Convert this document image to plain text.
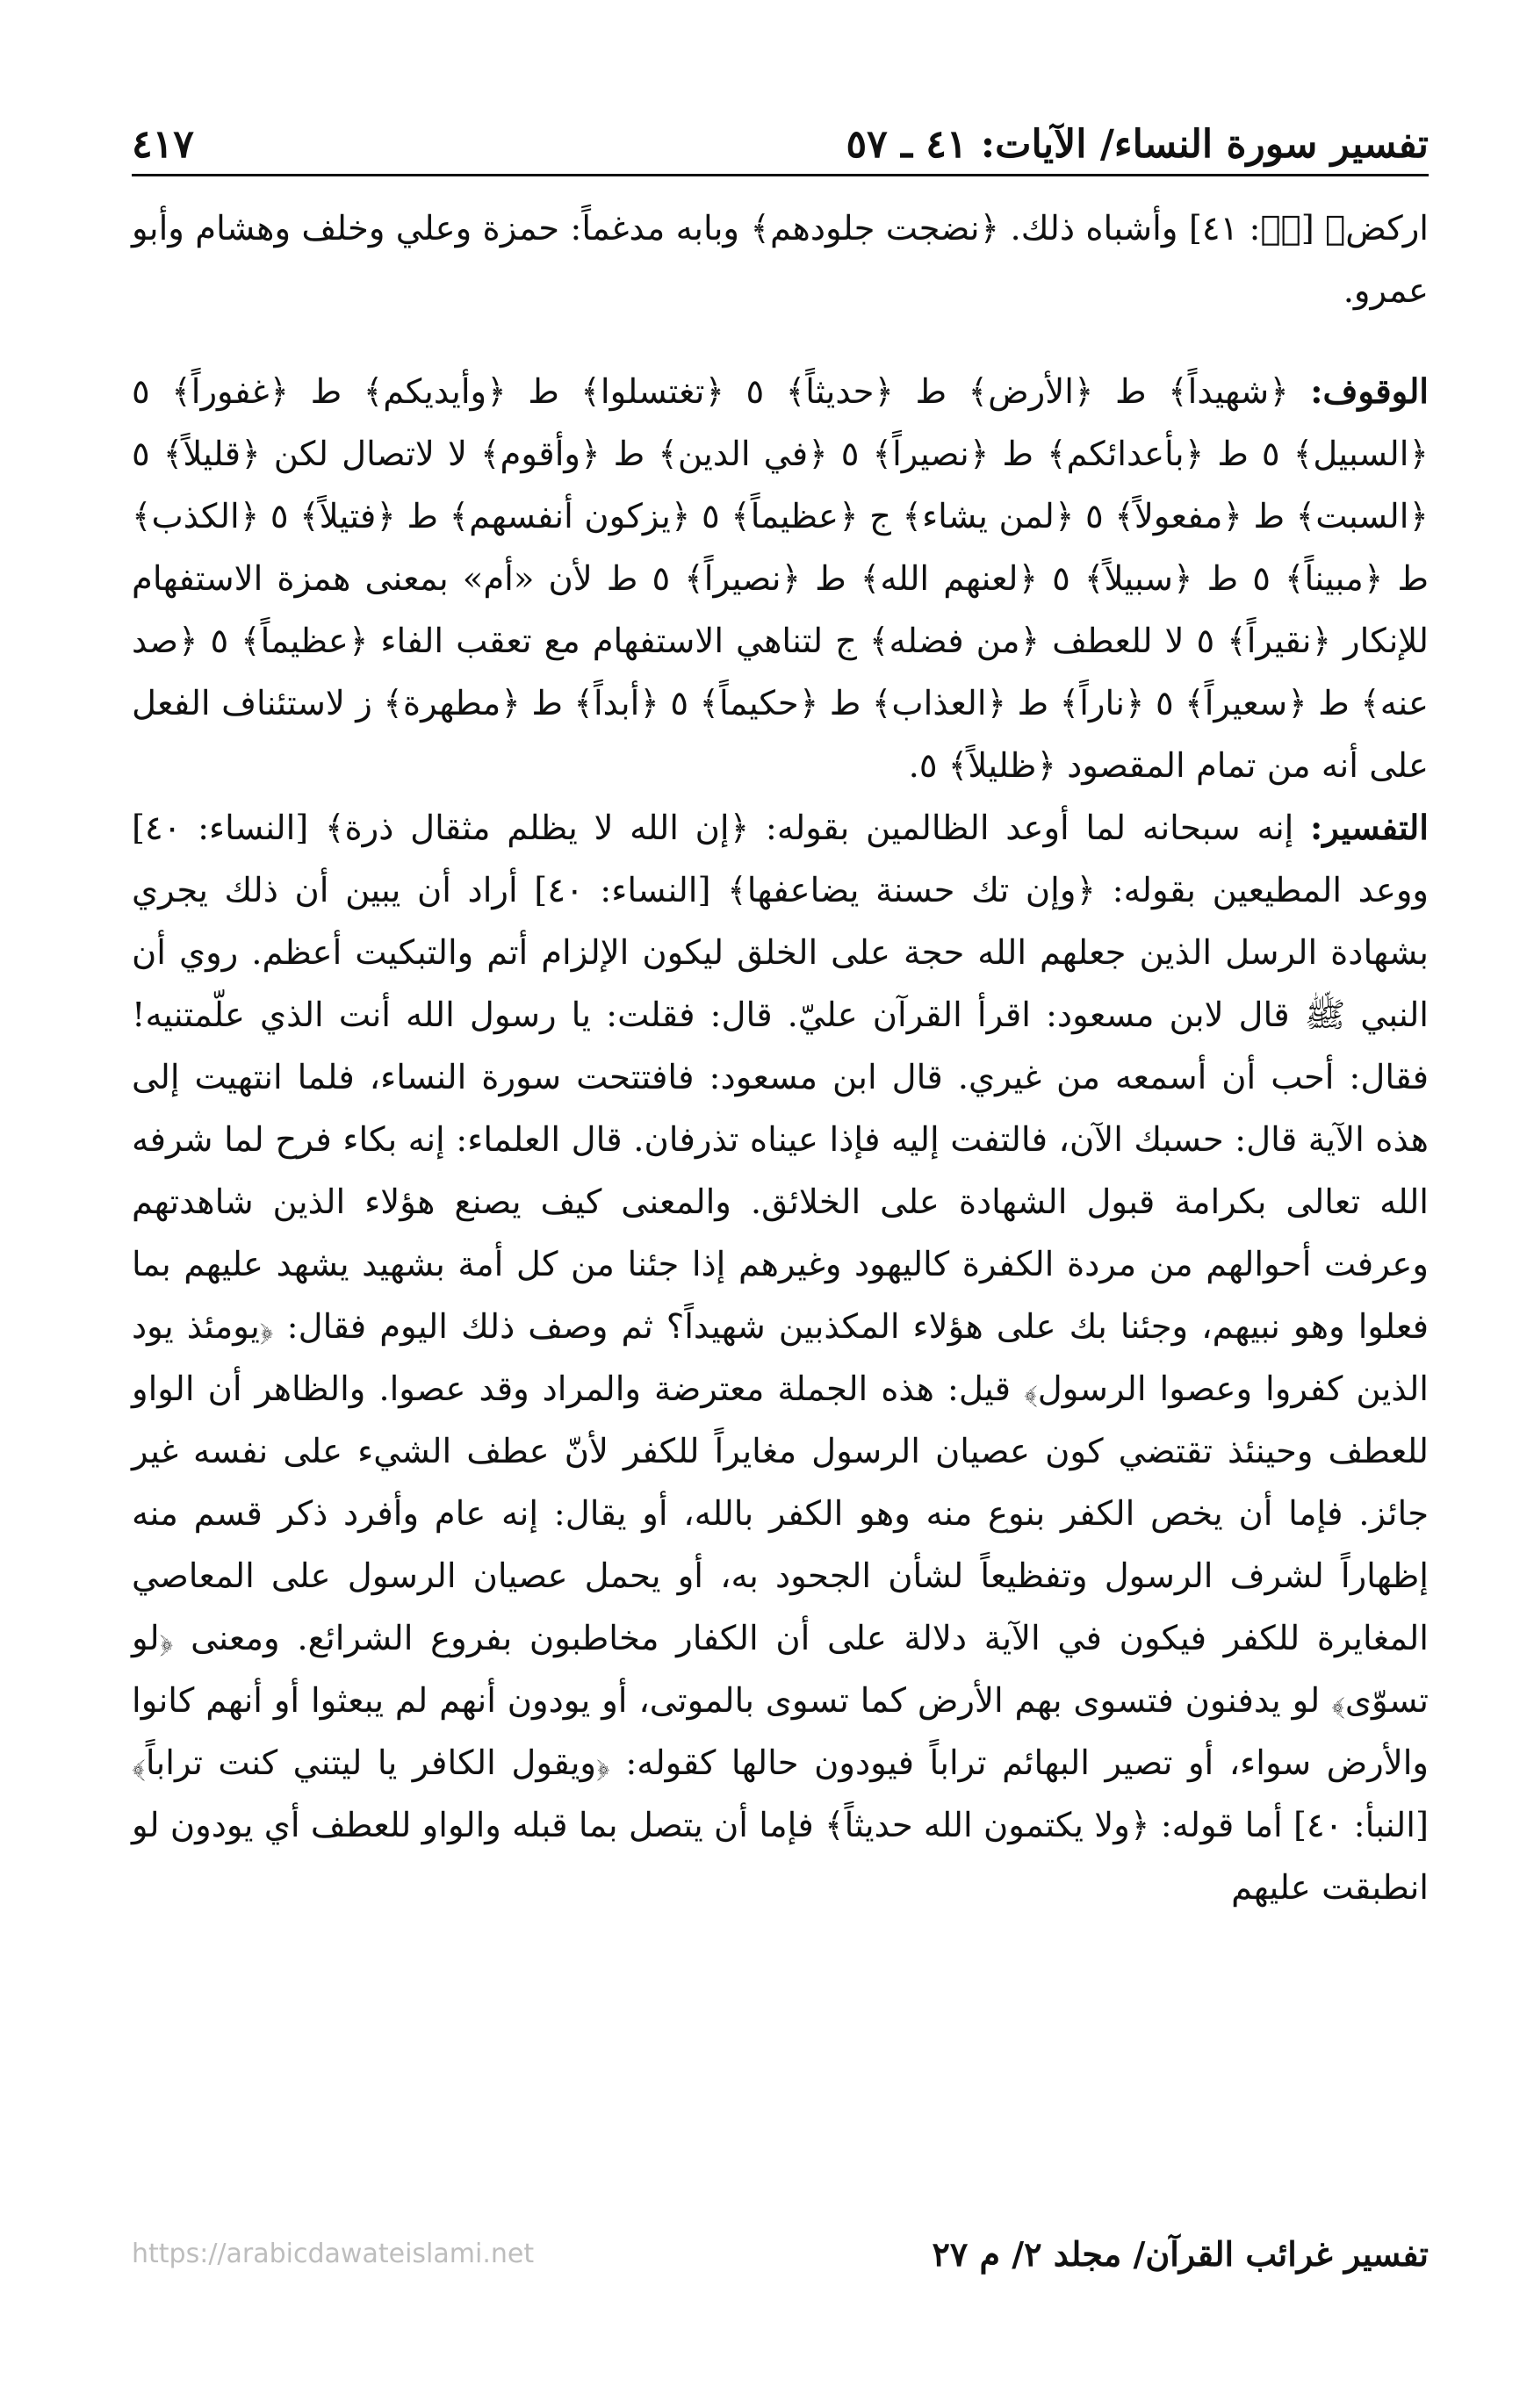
تفسير سورة النساء/ الآيات: ٤١ ـ ٥٧
٤١٧

اركض﴾ [صۤ: ٤١] وأشباه ذلك. ﴿نضجت جلودهم﴾ وبابه مدغماً: حمزة وعلي وخلف وهشام وأبو عمرو.

الوقوف: ﴿شهيداً﴾ ط ﴿الأرض﴾ ط ﴿حديثاً﴾ ٥ ﴿تغتسلوا﴾ ط ﴿وأيديكم﴾ ط ﴿غفوراً﴾ ٥ ﴿السبيل﴾ ٥ ط ﴿بأعدائكم﴾ ط ﴿نصيراً﴾ ٥ ﴿في الدين﴾ ط ﴿وأقوم﴾ لا لاتصال لكن ﴿قليلاً﴾ ٥ ﴿السبت﴾ ط ﴿مفعولاً﴾ ٥ ﴿لمن يشاء﴾ ج ﴿عظيماً﴾ ٥ ﴿يزكون أنفسهم﴾ ط ﴿فتيلاً﴾ ٥ ﴿الكذب﴾ ط ﴿مبيناً﴾ ٥ ط ﴿سبيلاً﴾ ٥ ﴿لعنهم الله﴾ ط ﴿نصيراً﴾ ٥ ط لأن «أم» بمعنى همزة الاستفهام للإنكار ﴿نقيراً﴾ ٥ لا للعطف ﴿من فضله﴾ ج لتناهي الاستفهام مع تعقب الفاء ﴿عظيماً﴾ ٥ ﴿صد عنه﴾ ط ﴿سعيراً﴾ ٥ ﴿ناراً﴾ ط ﴿العذاب﴾ ط ﴿حكيماً﴾ ٥ ﴿أبداً﴾ ط ﴿مطهرة﴾ ز لاستئناف الفعل على أنه من تمام المقصود ﴿ظليلاً﴾ ٥.

التفسير: إنه سبحانه لما أوعد الظالمين بقوله: ﴿إن الله لا يظلم مثقال ذرة﴾ [النساء: ٤٠] ووعد المطيعين بقوله: ﴿وإن تك حسنة يضاعفها﴾ [النساء: ٤٠] أراد أن يبين أن ذلك يجري بشهادة الرسل الذين جعلهم الله حجة على الخلق ليكون الإلزام أتم والتبكيت أعظم. روي أن النبي ﷺ قال لابن مسعود: اقرأ القرآن عليّ. قال: فقلت: يا رسول الله أنت الذي علّمتنيه! فقال: أحب أن أسمعه من غيري. قال ابن مسعود: فافتتحت سورة النساء، فلما انتهيت إلى هذه الآية قال: حسبك الآن، فالتفت إليه فإذا عيناه تذرفان. قال العلماء: إنه بكاء فرح لما شرفه الله تعالى بكرامة قبول الشهادة على الخلائق. والمعنى كيف يصنع هؤلاء الذين شاهدتهم وعرفت أحوالهم من مردة الكفرة كاليهود وغيرهم إذا جئنا من كل أمة بشهيد يشهد عليهم بما فعلوا وهو نبيهم، وجئنا بك على هؤلاء المكذبين شهيداً؟ ثم وصف ذلك اليوم فقال: ﴿يومئذ يود الذين كفروا وعصوا الرسول﴾ قيل: هذه الجملة معترضة والمراد وقد عصوا. والظاهر أن الواو للعطف وحينئذ تقتضي كون عصيان الرسول مغايراً للكفر لأنّ عطف الشيء على نفسه غير جائز. فإما أن يخص الكفر بنوع منه وهو الكفر بالله، أو يقال: إنه عام وأفرد ذكر قسم منه إظهاراً لشرف الرسول وتفظيعاً لشأن الجحود به، أو يحمل عصيان الرسول على المعاصي المغايرة للكفر فيكون في الآية دلالة على أن الكفار مخاطبون بفروع الشرائع. ومعنى ﴿لو تسوّى﴾ لو يدفنون فتسوى بهم الأرض كما تسوى بالموتى، أو يودون أنهم لم يبعثوا أو أنهم كانوا والأرض سواء، أو تصير البهائم تراباً فيودون حالها كقوله: ﴿ويقول الكافر يا ليتني كنت تراباً﴾ [النبأ: ٤٠] أما قوله: ﴿ولا يكتمون الله حديثاً﴾ فإما أن يتصل بما قبله والواو للعطف أي يودون لو انطبقت عليهم

تفسير غرائب القرآن/ مجلد ٢/ م ٢٧
https://arabicdawateislami.net
